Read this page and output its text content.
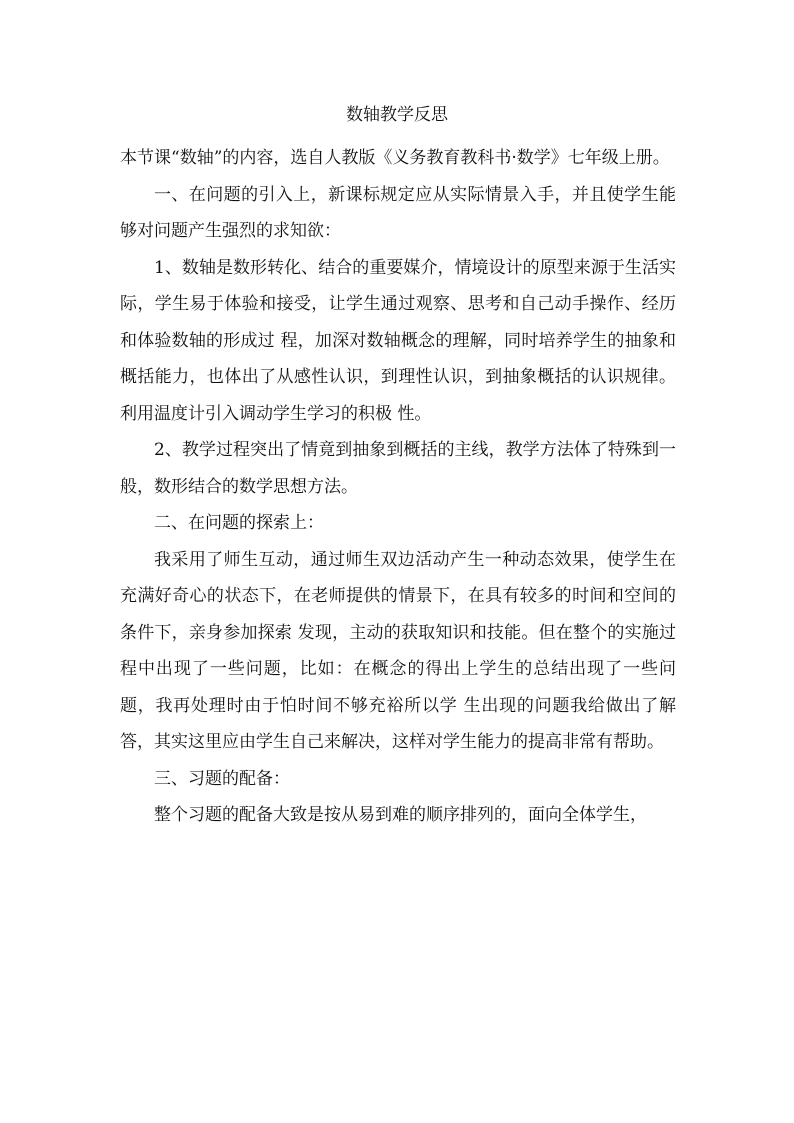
数轴教学反思

本节课“数轴”的内容，选自人教版《义务教育教科书·数学》七年级上册。

一、在问题的引入上，新课标规定应从实际情景入手，并且使学生能够对问题产生强烈的求知欲：

1、数轴是数形转化、结合的重要媒介，情境设计的原型来源于生活实际，学生易于体验和接受，让学生通过观察、思考和自己动手操作、经历和体验数轴的形成过 程，加深对数轴概念的理解，同时培养学生的抽象和概括能力，也体出了从感性认识，到理性认识，到抽象概括的认识规律。利用温度计引入调动学生学习的积极 性。

2、教学过程突出了情竟到抽象到概括的主线，教学方法体了特殊到一般，数形结合的数学思想方法。

二、在问题的探索上：

我采用了师生互动，通过师生双边活动产生一种动态效果，使学生在充满好奇心的状态下，在老师提供的情景下，在具有较多的时间和空间的条件下，亲身参加探索 发现，主动的获取知识和技能。但在整个的实施过程中出现了一些问题，比如：在概念的得出上学生的总结出现了一些问题，我再处理时由于怕时间不够充裕所以学 生出现的问题我给做出了解答，其实这里应由学生自己来解决，这样对学生能力的提高非常有帮助。

三、习题的配备：

整个习题的配备大致是按从易到难的顺序排列的，面向全体学生，
